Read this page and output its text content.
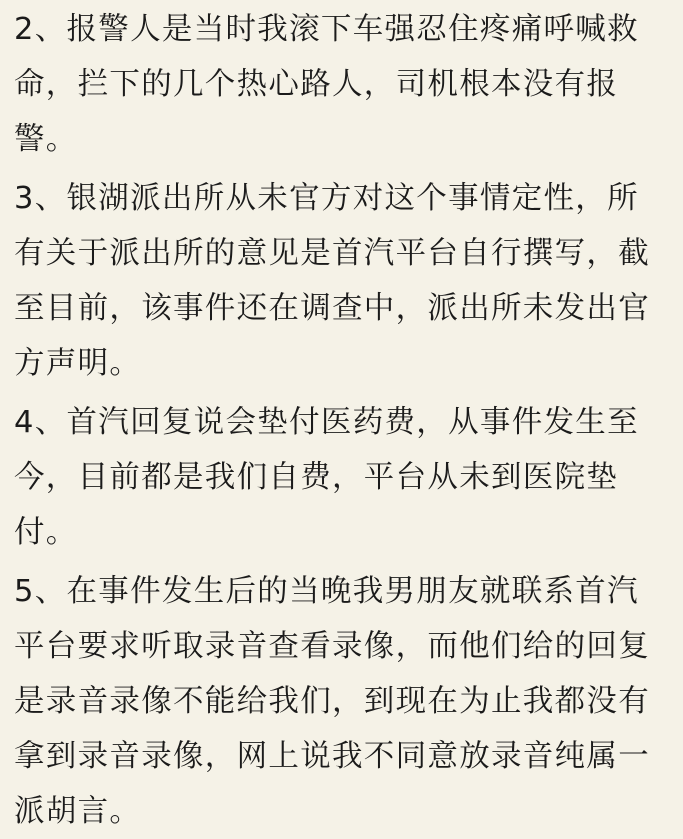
2、报警人是当时我滚下车强忍住疼痛呼喊救
命，拦下的几个热心路人，司机根本没有报
警。
3、银湖派出所从未官方对这个事情定性，所
有关于派出所的意见是首汽平台自行撰写，截
至目前，该事件还在调查中，派出所未发出官
方声明。
4、首汽回复说会垫付医药费，从事件发生至
今，目前都是我们自费，平台从未到医院垫
付。
5、在事件发生后的当晚我男朋友就联系首汽
平台要求听取录音查看录像，而他们给的回复
是录音录像不能给我们，到现在为止我都没有
拿到录音录像，网上说我不同意放录音纯属一
派胡言。
